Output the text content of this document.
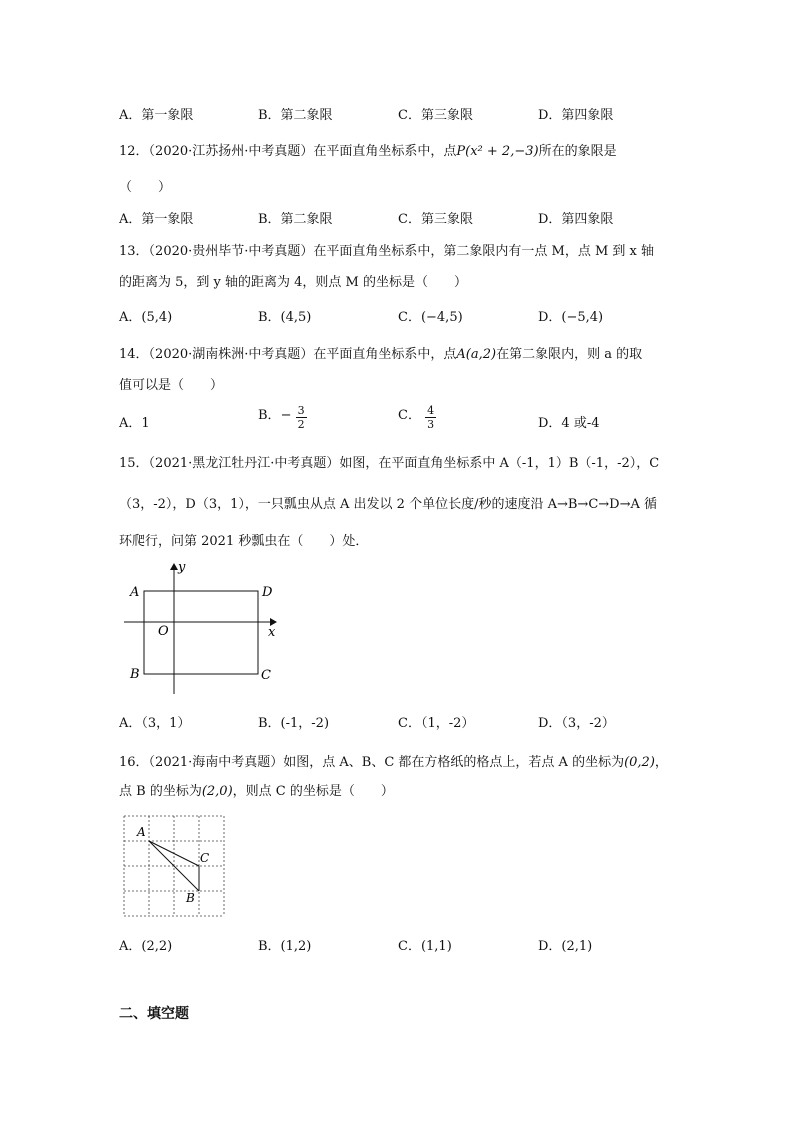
A．第一象限	B．第二象限	C．第三象限	D．第四象限
12．（2020·江苏扬州·中考真题）在平面直角坐标系中，点P(x² + 2,−3)所在的象限是
（　　）
A．第一象限	B．第二象限	C．第三象限	D．第四象限
13．（2020·贵州毕节·中考真题）在平面直角坐标系中，第二象限内有一点 M，点 M 到 x 轴
的距离为 5，到 y 轴的距离为 4，则点 M 的坐标是（　　）
A．(5,4)	B．(4,5)	C．(−4,5)	D．(−5,4)
14．（2020·湖南株洲·中考真题）在平面直角坐标系中，点A(a,2)在第二象限内，则 a 的取
值可以是（　　）
A．1
B．− $\frac{3}{2}$	C． $\frac{4}{3}$	D．4 或-4
15．（2021·黑龙江牡丹江·中考真题）如图，在平面直角坐标系中 A（-1，1）B（-1，-2），C
（3，-2），D（3，1），一只瓢虫从点 A 出发以 2 个单位长度/秒的速度沿 A→B→C→D→A 循
环爬行，问第 2021 秒瓢虫在（　　）处．
A	D
O	x
y
B	C
A．（3，1）	B．(-1，-2)	C．（1，-2）	D．（3，-2）
16．（2021·海南中考真题）如图，点 A、B、C 都在方格纸的格点上，若点 A 的坐标为(0,2)，
点 B 的坐标为(2,0)，则点 C 的坐标是（　　）
A
C
B
A．(2,2)	B．(1,2)	C．(1,1)	D．(2,1)
二、填空题
